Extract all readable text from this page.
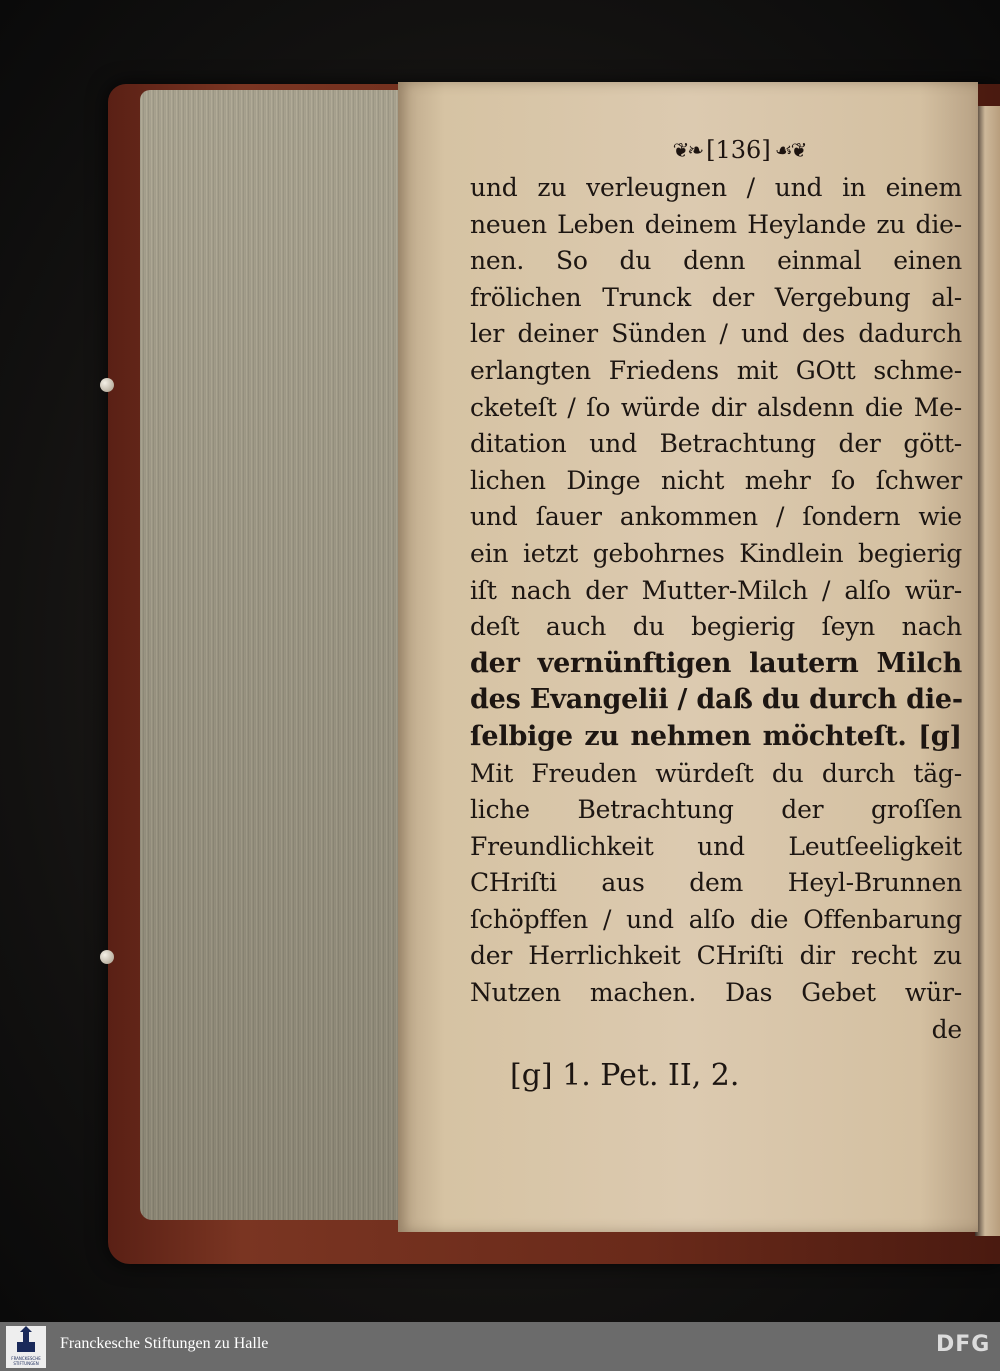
❦❧ [136] ☙❦
und zu verleugnen / und in einem
neuen Leben deinem Heylande zu die-
nen. So du denn einmal einen
frölichen Trunck der Vergebung al-
ler deiner Sünden / und des dadurch
erlangten Friedens mit GOtt schme-
cketeſt / ſo würde dir alsdenn die Me-
ditation und Betrachtung der gött-
lichen Dinge nicht mehr ſo ſchwer
und ſauer ankommen / ſondern wie
ein ietzt gebohrnes Kindlein begierig
iſt nach der Mutter-Milch / alſo wür-
deſt auch du begierig ſeyn nach
der vernünftigen lautern Milch
des Evangelii / daß du durch die-
ſelbige zu nehmen möchteſt. [g]
Mit Freuden würdeſt du durch täg-
liche Betrachtung der groſſen
Freundlichkeit und Leutſeeligkeit
CHriſti aus dem Heyl-Brunnen
ſchöpffen / und alſo die Offenbarung
der Herrlichkeit CHriſti dir recht zu
Nutzen machen. Das Gebet wür-
de
[g] 1. Pet. II, 2.
FRANCKESCHE STIFTUNGEN
Franckesche Stiftungen zu Halle	DFG
